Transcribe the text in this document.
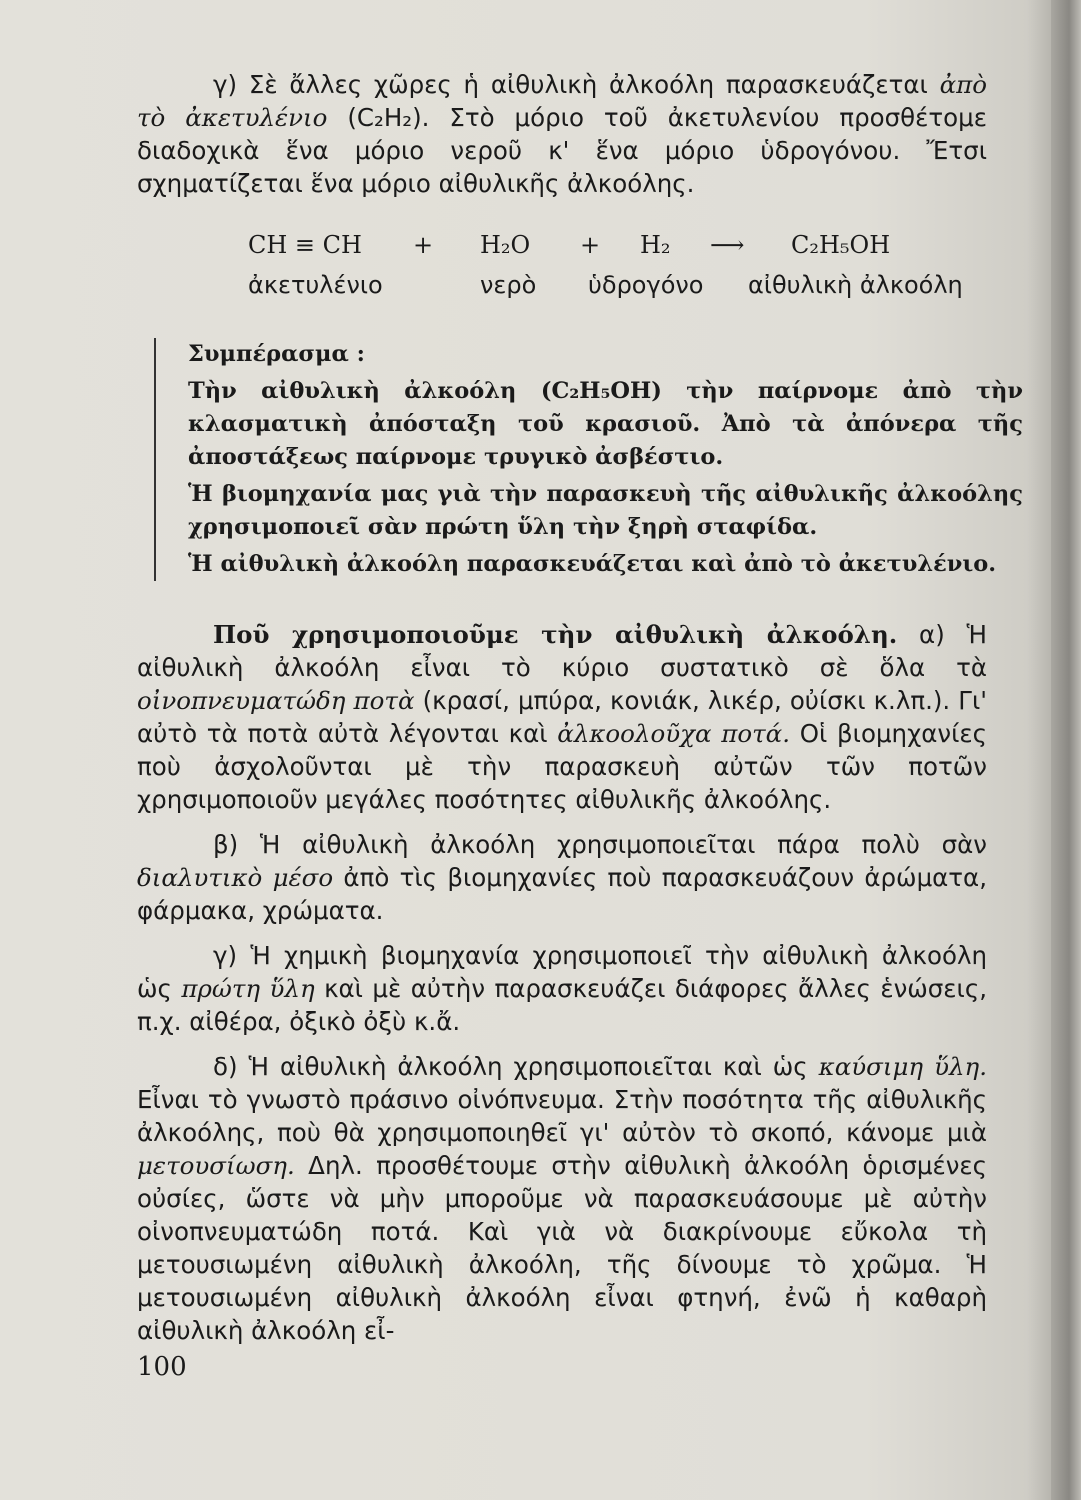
γ) Σὲ ἄλλες χῶρες ἡ αἰθυλικὴ ἀλκοόλη παρασκευάζεται ἀπὸ τὸ ἀκετυλένιο (C₂H₂). Στὸ μόριο τοῦ ἀκετυλενίου προσθέτομε διαδοχικὰ ἕνα μόριο νεροῦ κ' ἕνα μόριο ὑδρογόνου. Ἔτσι σχηματίζεται ἕνα μόριο αἰθυλικῆς ἀλκοόλης.

CH ≡ CH + H₂O + H₂ ⟶ C₂H₅OH
ἀκετυλένιο	νερὸ ὑδρογόνο αἰθυλικὴ ἀλκοόλη
Συμπέρασμα :

Τὴν αἰθυλικὴ ἀλκοόλη (C₂H₅OH) τὴν παίρνομε ἀπὸ τὴν κλασματικὴ ἀπόσταξη τοῦ κρασιοῦ. Ἀπὸ τὰ ἀπόνερα τῆς ἀποστάξεως παίρνομε τρυγικὸ ἀσβέστιο.

Ἡ βιομηχανία μας γιὰ τὴν παρασκευὴ τῆς αἰθυλικῆς ἀλκοόλης χρησιμοποιεῖ σὰν πρώτη ὕλη τὴν ξηρὴ σταφίδα.

Ἡ αἰθυλικὴ ἀλκοόλη παρασκευάζεται καὶ ἀπὸ τὸ ἀκετυλένιο.

Ποῦ χρησιμοποιοῦμε τὴν αἰθυλικὴ ἀλκοόλη. α) Ἡ αἰθυλικὴ ἀλκοόλη εἶναι τὸ κύριο συστατικὸ σὲ ὅλα τὰ οἰνοπνευματώδη ποτὰ (κρασί, μπύρα, κονιάκ, λικέρ, οὐίσκι κ.λπ.). Γι' αὐτὸ τὰ ποτὰ αὐτὰ λέγονται καὶ ἀλκοολοῦχα ποτά. Οἱ βιομηχανίες ποὺ ἀσχολοῦνται μὲ τὴν παρασκευὴ αὐτῶν τῶν ποτῶν χρησιμοποιοῦν μεγάλες ποσότητες αἰθυλικῆς ἀλκοόλης.

β) Ἡ αἰθυλικὴ ἀλκοόλη χρησιμοποιεῖται πάρα πολὺ σὰν διαλυτικὸ μέσο ἀπὸ τὶς βιομηχανίες ποὺ παρασκευάζουν ἀρώματα, φάρμακα, χρώματα.

γ) Ἡ χημικὴ βιομηχανία χρησιμοποιεῖ τὴν αἰθυλικὴ ἀλκοόλη ὡς πρώτη ὕλη καὶ μὲ αὐτὴν παρασκευάζει διάφορες ἄλλες ἑνώσεις, π.χ. αἰθέρα, ὀξικὸ ὀξὺ κ.ἄ.

δ) Ἡ αἰθυλικὴ ἀλκοόλη χρησιμοποιεῖται καὶ ὡς καύσιμη ὕλη. Εἶναι τὸ γνωστὸ πράσινο οἰνόπνευμα. Στὴν ποσότητα τῆς αἰθυλικῆς ἀλκοόλης, ποὺ θὰ χρησιμοποιηθεῖ γι' αὐτὸν τὸ σκοπό, κάνομε μιὰ μετουσίωση. Δηλ. προσθέτουμε στὴν αἰθυλικὴ ἀλκοόλη ὁρισμένες οὐσίες, ὥστε νὰ μὴν μποροῦμε νὰ παρασκευάσουμε μὲ αὐτὴν οἰνοπνευματώδη ποτά. Καὶ γιὰ νὰ διακρίνουμε εὔκολα τὴ μετουσιωμένη αἰθυλικὴ ἀλκοόλη, τῆς δίνουμε τὸ χρῶμα. Ἡ μετουσιωμένη αἰθυλικὴ ἀλκοόλη εἶναι φτηνή, ἐνῶ ἡ καθαρὴ αἰθυλικὴ ἀλκοόλη εἶ-

100
